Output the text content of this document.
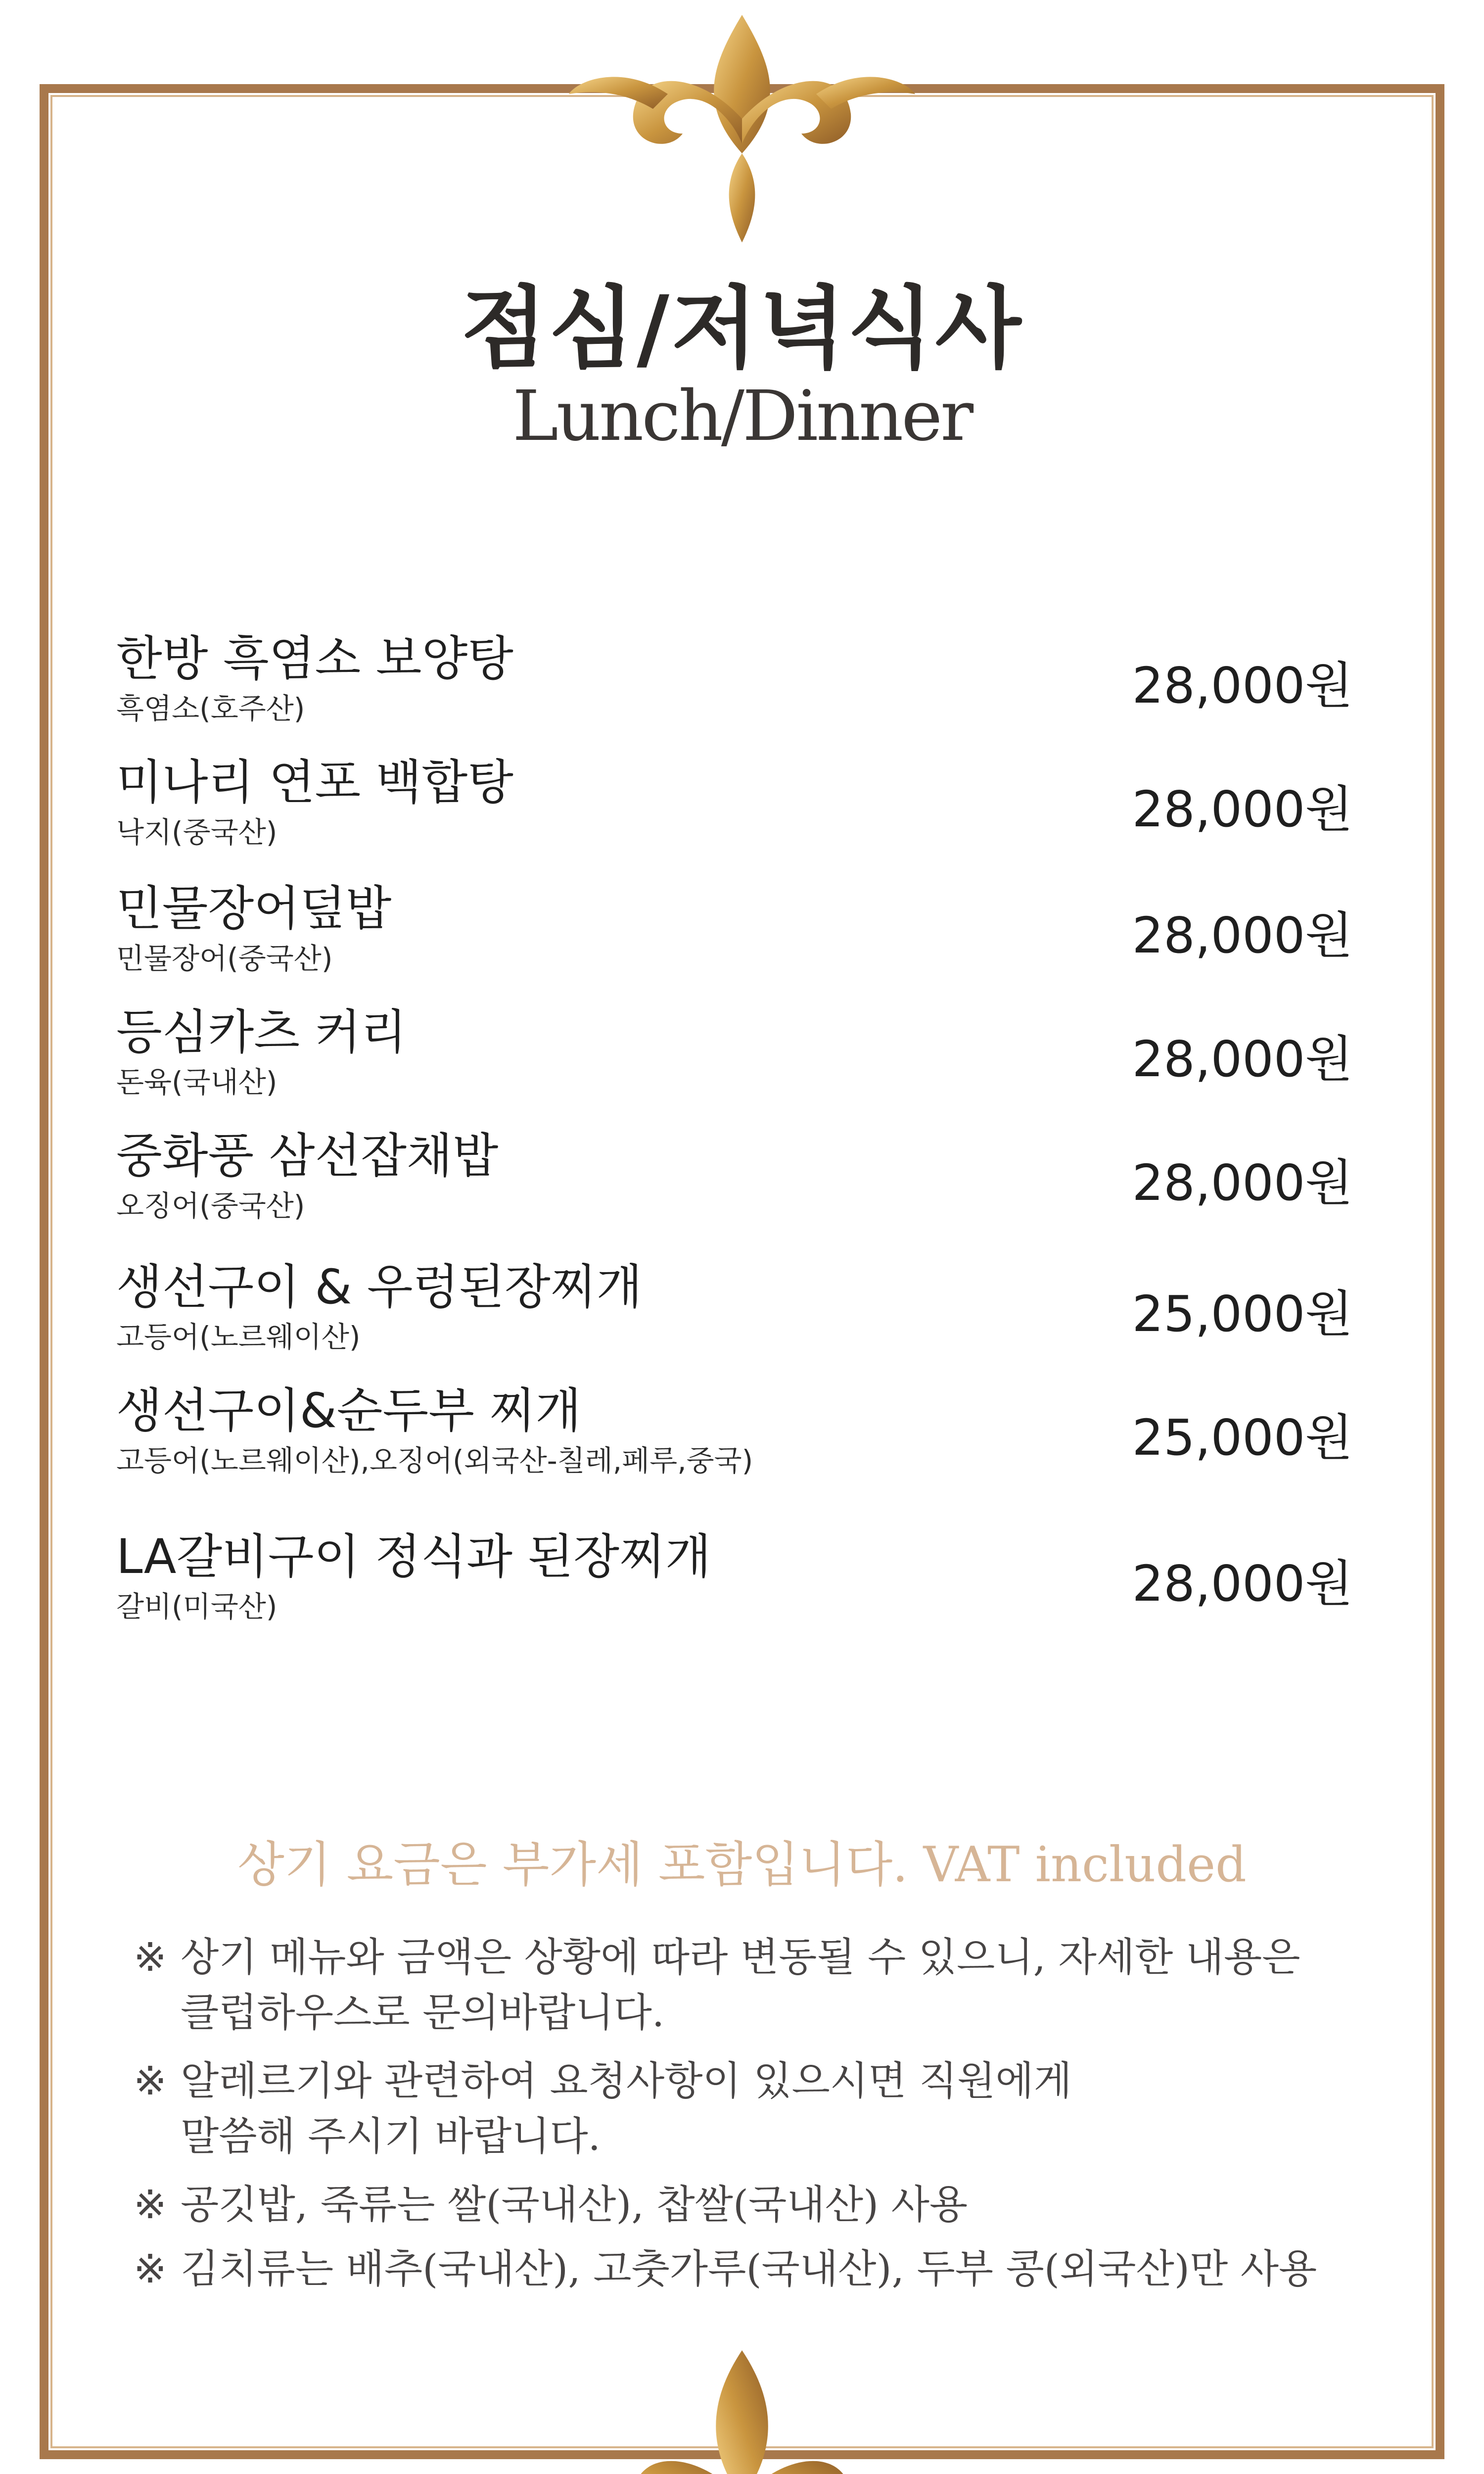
점심/저녁식사
Lunch/Dinner
한방 흑염소 보양탕
흑염소(호주산)	28,000원
미나리 연포 백합탕
낙지(중국산)	28,000원
민물장어덮밥
민물장어(중국산)	28,000원
등심카츠 커리
돈육(국내산)	28,000원
중화풍 삼선잡채밥
오징어(중국산)	28,000원
생선구이 & 우렁된장찌개
고등어(노르웨이산)	25,000원
생선구이&순두부 찌개
고등어(노르웨이산),오징어(외국산-칠레,페루,중국)	25,000원
LA갈비구이 정식과 된장찌개
갈비(미국산)	28,000원
상기 요금은 부가세 포함입니다. VAT included
※ 상기 메뉴와 금액은 상황에 따라 변동될 수 있으니, 자세한 내용은
클럽하우스로 문의바랍니다.
※ 알레르기와 관련하여 요청사항이 있으시면 직원에게
말씀해 주시기 바랍니다.
※ 공깃밥, 죽류는 쌀(국내산), 찹쌀(국내산) 사용
※ 김치류는 배추(국내산), 고춧가루(국내산), 두부 콩(외국산)만 사용
